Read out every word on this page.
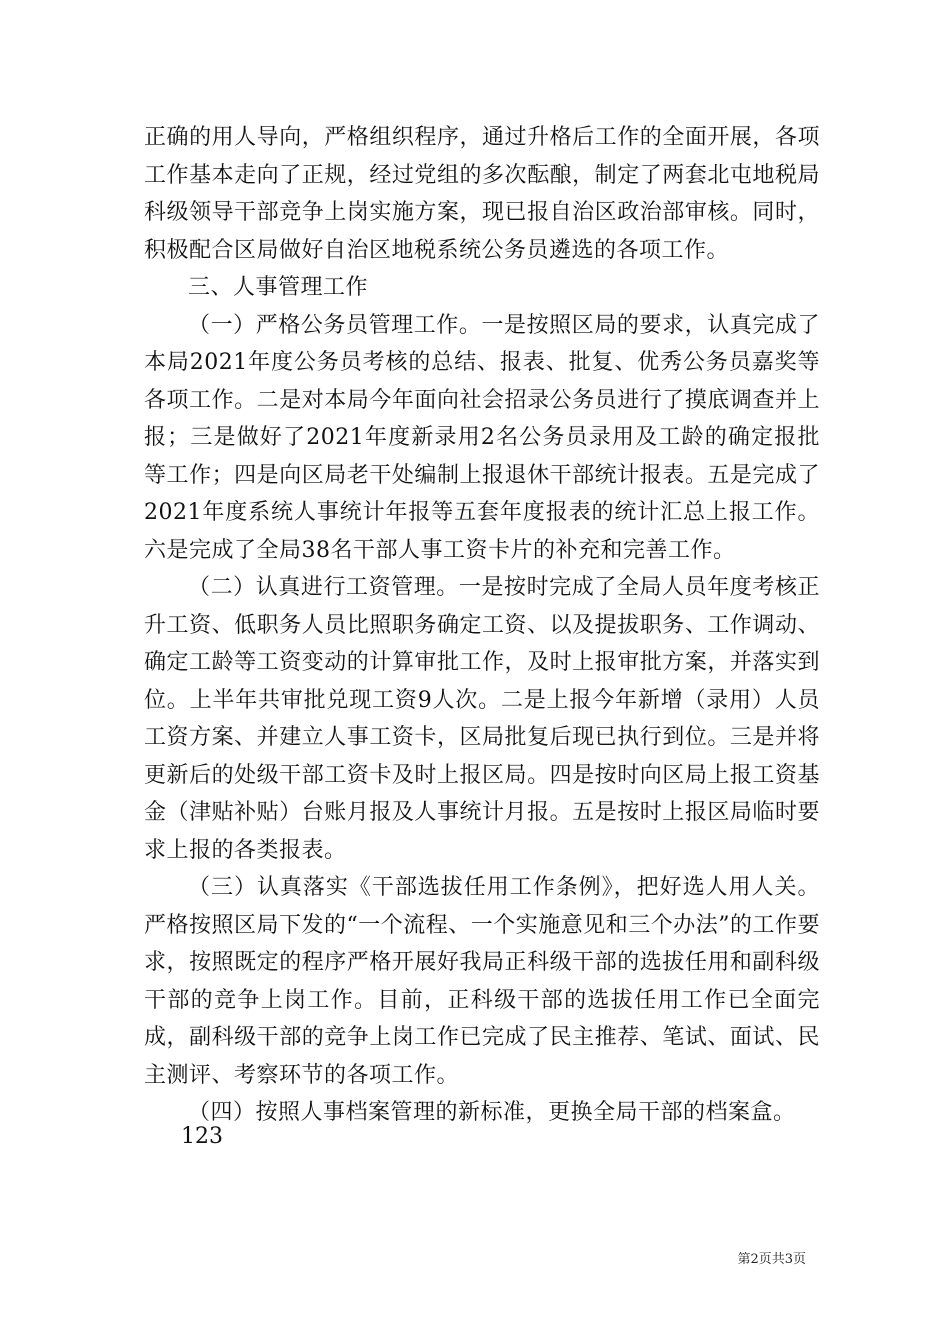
正确的用人导向，严格组织程序，通过升格后工作的全面开展，各项工作基本走向了正规，经过党组的多次酝酿，制定了两套北屯地税局科级领导干部竞争上岗实施方案，现已报自治区政治部审核。同时，积极配合区局做好自治区地税系统公务员遴选的各项工作。

三、人事管理工作

（一）严格公务员管理工作。一是按照区局的要求，认真完成了本局2021年度公务员考核的总结、报表、批复、优秀公务员嘉奖等各项工作。二是对本局今年面向社会招录公务员进行了摸底调查并上报；三是做好了2021年度新录用2名公务员录用及工龄的确定报批等工作；四是向区局老干处编制上报退休干部统计报表。五是完成了2021年度系统人事统计年报等五套年度报表的统计汇总上报工作。六是完成了全局38名干部人事工资卡片的补充和完善工作。

（二）认真进行工资管理。一是按时完成了全局人员年度考核正升工资、低职务人员比照职务确定工资、以及提拔职务、工作调动、确定工龄等工资变动的计算审批工作，及时上报审批方案，并落实到位。上半年共审批兑现工资9人次。二是上报今年新增（录用）人员工资方案、并建立人事工资卡，区局批复后现已执行到位。三是并将更新后的处级干部工资卡及时上报区局。四是按时向区局上报工资基金（津贴补贴）台账月报及人事统计月报。五是按时上报区局临时要求上报的各类报表。

（三）认真落实《干部选拔任用工作条例》，把好选人用人关。严格按照区局下发的“一个流程、一个实施意见和三个办法”的工作要求，按照既定的程序严格开展好我局正科级干部的选拔任用和副科级干部的竞争上岗工作。目前，正科级干部的选拔任用工作已全面完成，副科级干部的竞争上岗工作已完成了民主推荐、笔试、面试、民主测评、考察环节的各项工作。

（四）按照人事档案管理的新标准，更换全局干部的档案盒。

123

第2页共3页
